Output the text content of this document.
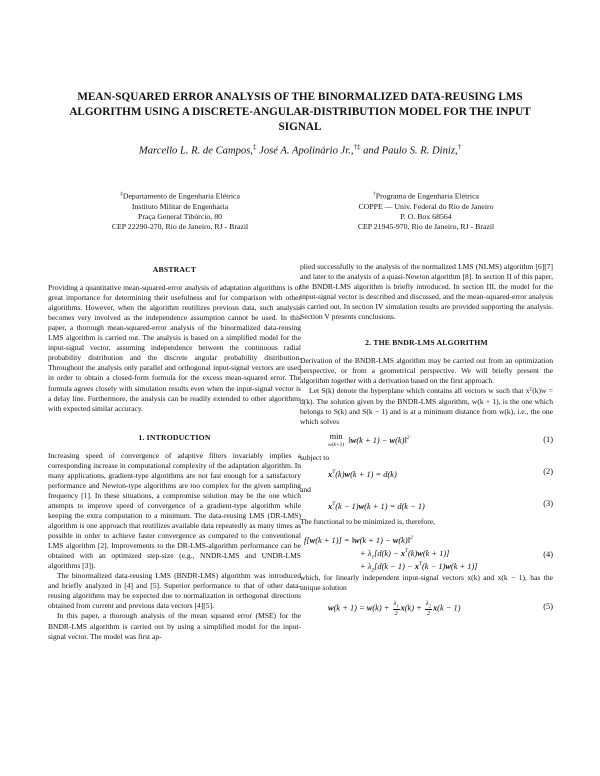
MEAN-SQUARED ERROR ANALYSIS OF THE BINORMALIZED DATA-REUSING LMS
ALGORITHM USING A DISCRETE-ANGULAR-DISTRIBUTION MODEL FOR THE INPUT
SIGNAL
Marcello L. R. de Campos,‡ José A. Apolinário Jr.,†‡ and Paulo S. R. Diniz,†
‡Departamento de Engenharia Elétrica
Instituto Militar de Engenharia
Praça General Tibúrcio, 80
CEP 22290-270, Rio de Janeiro, RJ - Brazil
†Programa de Engenharia Elétrica
COPPE — Univ. Federal do Rio de Janeiro
P. O. Box 68564
CEP 21945-970, Rio de Janeiro, RJ - Brazil
ABSTRACT

Providing a quantitative mean-squared-error analysis of adaptation algorithms is of great importance for determining their usefulness and for comparison with other algorithms. However, when the algorithm reutilizes previous data, such analysis becomes very involved as the independence assumption cannot be used. In this paper, a thorough mean-squared-error analysis of the binormalized data-reusing LMS algorithm is carried out. The analysis is based on a simplified model for the input-signal vector, assuming independence between the continuous radial probability distribution and the discrete angular probability distribution. Throughout the analysis only parallel and orthogonal input-signal vectors are used in order to obtain a closed-form formula for the excess mean-squared error. The formula agrees closely with simulation results even when the input-signal vector is a delay line. Furthermore, the analysis can be readily extended to other algorithms with expected similar accuracy.

1. INTRODUCTION

Increasing speed of convergence of adaptive filters invariably implies a corresponding increase in computational complexity of the adaptation algorithm. In many applications, gradient-type algorithms are not fast enough for a satisfactory performance and Newton-type algorithms are too complex for the given sampling frequency [1]. In these situations, a compromise solution may be the one which attempts to improve speed of convergence of a gradient-type algorithm while keeping the extra computation to a minimum. The data-reusing LMS (DR-LMS) algorithm is one approach that reutilizes available data repeatedly as many times as possible in order to achieve faster convergence as compared to the conventional LMS algorithm [2]. Improvements to the DR-LMS-algorithm performance can be obtained with an optimized step-size (e.g., NNDR-LMS and UNDR-LMS algorithms [3]).

The binormalized data-reusing LMS (BNDR-LMS) algorithm was introduced and briefly analyzed in [4] and [5]. Superior performance to that of other data-reusing algorithms may be expected due to normalization in orthogonal directions obtained from current and previous data vectors [4][5].

In this paper, a thorough analysis of the mean squared error (MSE) for the BNDR-LMS algorithm is carried out by using a simplified model for the input-signal vector. The model was first ap-

plied successfully to the analysis of the normalized LMS (NLMS) algorithm [6][7] and later to the analysis of a quasi-Newton algorithm [8]. In section II of this paper, the BNDR-LMS algorithm is briefly introduced. In section III, the model for the input-signal vector is described and discussed, and the mean-squared-error analysis is carried out. In section IV simulation results are provided supporting the analysis. Section V presents conclusions.

2. THE BNDR-LMS ALGORITHM

Derivation of the BNDR-LMS algorithm may be carried out from an optimization perspective, or from a geometrical perspective. We will briefly present the algorithm together with a derivation based on the first approach.

Let S(k) denote the hyperplane which contains all vectors w such that xᵀ(k)w = d(k). The solution given by the BNDR-LMS algorithm, w(k + 1), is the one which belongs to S(k) and S(k − 1) and is at a minimum distance from w(k), i.e., the one which solves

min
w(k+1)
‖w(k + 1) − w(k)‖$^2$	(1)

subject to

$x^T(k)w(k + 1) = d(k)$	(2)

and

$x^T(k - 1)w(k + 1) = d(k - 1)$	(3)

The functional to be minimized is, therefore,

f[w(k + 1)] = ‖w(k + 1) − w(k)‖$^2$
+ $\lambda_1[d(k) - x^T(k)w(k + 1)]$
+ $\lambda_2[d(k - 1) - x^T(k - 1)w(k + 1)]$
(4)

which, for linearly independent input-signal vectors x(k) and x(k − 1), has the unique solution

$w(k + 1) = w(k) + \frac{\lambda_1}{2} x(k) + \frac{\lambda_2}{2} x(k - 1)$	(5)
